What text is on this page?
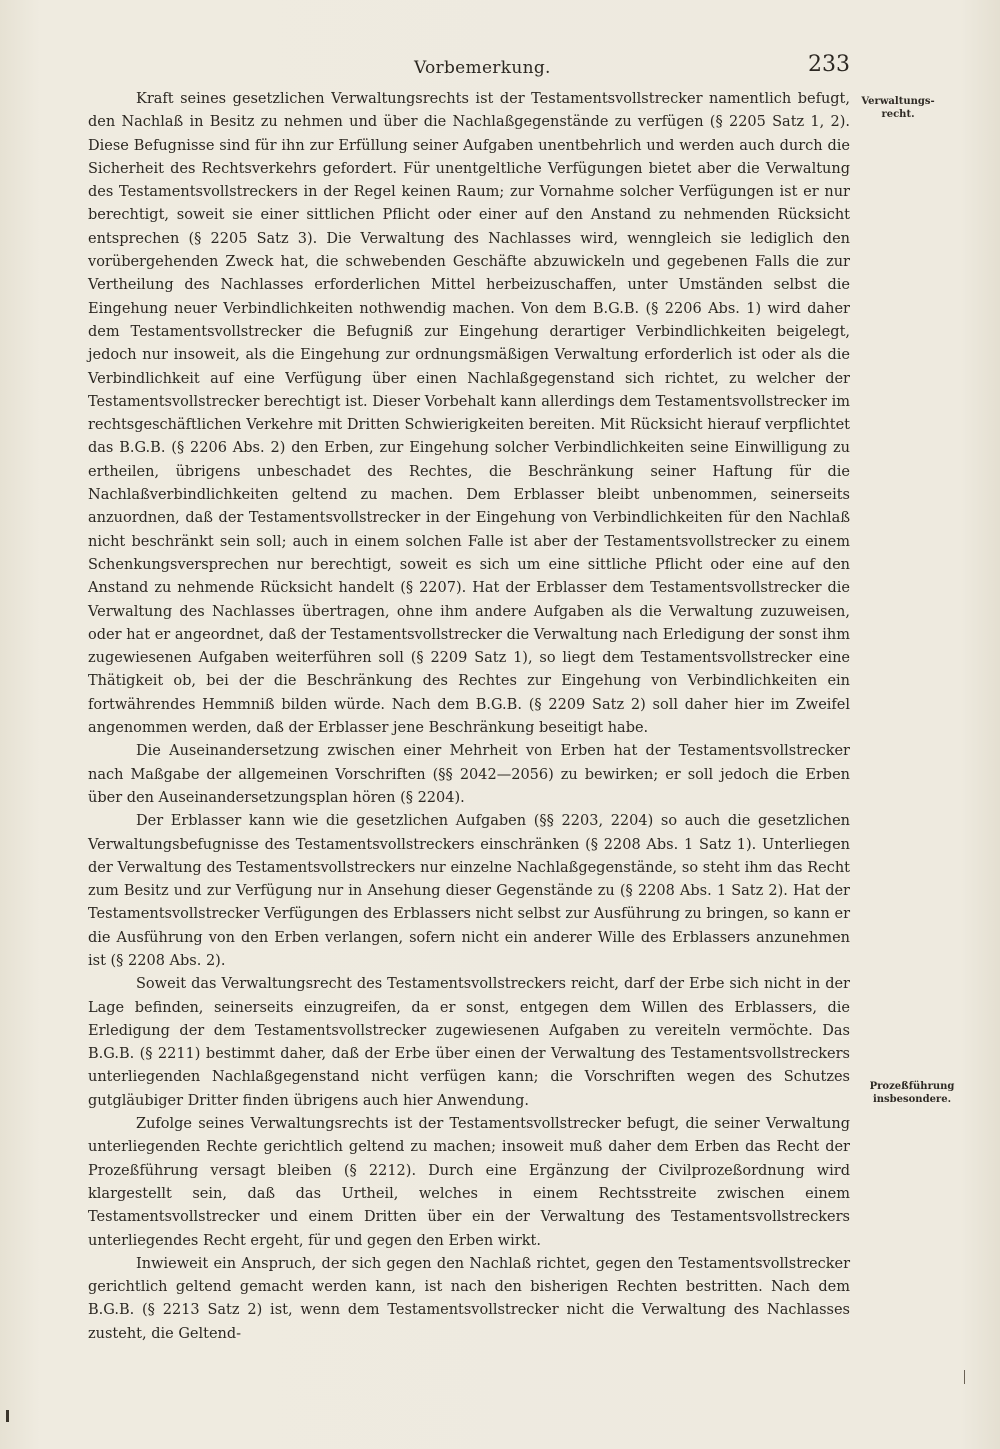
Vorbemerkung.	233
Verwaltungs-recht.
Prozeßführung insbesondere.

Kraft seines gesetzlichen Verwaltungsrechts ist der Testamentsvollstrecker namentlich befugt, den Nachlaß in Besitz zu nehmen und über die Nachlaßgegenstände zu verfügen (§ 2205 Satz 1, 2). Diese Befugnisse sind für ihn zur Erfüllung seiner Aufgaben unentbehrlich und werden auch durch die Sicherheit des Rechtsverkehrs gefordert. Für unentgeltliche Verfügungen bietet aber die Verwaltung des Testamentsvollstreckers in der Regel keinen Raum; zur Vornahme solcher Verfügungen ist er nur berechtigt, soweit sie einer sittlichen Pflicht oder einer auf den Anstand zu nehmenden Rücksicht entsprechen (§ 2205 Satz 3). Die Verwaltung des Nachlasses wird, wenngleich sie lediglich den vorübergehenden Zweck hat, die schwebenden Geschäfte abzuwickeln und gegebenen Falls die zur Vertheilung des Nachlasses erforderlichen Mittel herbeizuschaffen, unter Umständen selbst die Eingehung neuer Verbindlichkeiten nothwendig machen. Von dem B.G.B. (§ 2206 Abs. 1) wird daher dem Testamentsvollstrecker die Befugniß zur Eingehung derartiger Verbindlichkeiten beigelegt, jedoch nur insoweit, als die Eingehung zur ordnungsmäßigen Verwaltung erforderlich ist oder als die Verbindlichkeit auf eine Verfügung über einen Nachlaßgegenstand sich richtet, zu welcher der Testamentsvollstrecker berechtigt ist. Dieser Vorbehalt kann allerdings dem Testamentsvollstrecker im rechtsgeschäftlichen Verkehre mit Dritten Schwierigkeiten bereiten. Mit Rücksicht hierauf verpflichtet das B.G.B. (§ 2206 Abs. 2) den Erben, zur Eingehung solcher Verbindlichkeiten seine Einwilligung zu ertheilen, übrigens unbeschadet des Rechtes, die Beschränkung seiner Haftung für die Nachlaßverbindlichkeiten geltend zu machen. Dem Erblasser bleibt unbenommen, seinerseits anzuordnen, daß der Testamentsvollstrecker in der Eingehung von Verbindlichkeiten für den Nachlaß nicht beschränkt sein soll; auch in einem solchen Falle ist aber der Testamentsvollstrecker zu einem Schenkungsversprechen nur berechtigt, soweit es sich um eine sittliche Pflicht oder eine auf den Anstand zu nehmende Rücksicht handelt (§ 2207). Hat der Erblasser dem Testamentsvollstrecker die Verwaltung des Nachlasses übertragen, ohne ihm andere Aufgaben als die Verwaltung zuzuweisen, oder hat er angeordnet, daß der Testamentsvollstrecker die Verwaltung nach Erledigung der sonst ihm zugewiesenen Aufgaben weiterführen soll (§ 2209 Satz 1), so liegt dem Testamentsvollstrecker eine Thätigkeit ob, bei der die Beschränkung des Rechtes zur Eingehung von Verbindlichkeiten ein fortwährendes Hemmniß bilden würde. Nach dem B.G.B. (§ 2209 Satz 2) soll daher hier im Zweifel angenommen werden, daß der Erblasser jene Beschränkung beseitigt habe.

Die Auseinandersetzung zwischen einer Mehrheit von Erben hat der Testamentsvollstrecker nach Maßgabe der allgemeinen Vorschriften (§§ 2042—2056) zu bewirken; er soll jedoch die Erben über den Auseinandersetzungsplan hören (§ 2204).

Der Erblasser kann wie die gesetzlichen Aufgaben (§§ 2203, 2204) so auch die gesetzlichen Verwaltungsbefugnisse des Testamentsvollstreckers einschränken (§ 2208 Abs. 1 Satz 1). Unterliegen der Verwaltung des Testamentsvollstreckers nur einzelne Nachlaßgegenstände, so steht ihm das Recht zum Besitz und zur Verfügung nur in Ansehung dieser Gegenstände zu (§ 2208 Abs. 1 Satz 2). Hat der Testamentsvollstrecker Verfügungen des Erblassers nicht selbst zur Ausführung zu bringen, so kann er die Ausführung von den Erben verlangen, sofern nicht ein anderer Wille des Erblassers anzunehmen ist (§ 2208 Abs. 2).

Soweit das Verwaltungsrecht des Testamentsvollstreckers reicht, darf der Erbe sich nicht in der Lage befinden, seinerseits einzugreifen, da er sonst, entgegen dem Willen des Erblassers, die Erledigung der dem Testamentsvollstrecker zugewiesenen Aufgaben zu vereiteln vermöchte. Das B.G.B. (§ 2211) bestimmt daher, daß der Erbe über einen der Verwaltung des Testamentsvollstreckers unterliegenden Nachlaßgegenstand nicht verfügen kann; die Vorschriften wegen des Schutzes gutgläubiger Dritter finden übrigens auch hier Anwendung.

Zufolge seines Verwaltungsrechts ist der Testamentsvollstrecker befugt, die seiner Verwaltung unterliegenden Rechte gerichtlich geltend zu machen; insoweit muß daher dem Erben das Recht der Prozeßführung versagt bleiben (§ 2212). Durch eine Ergänzung der Civilprozeßordnung wird klargestellt sein, daß das Urtheil, welches in einem Rechtsstreite zwischen einem Testamentsvollstrecker und einem Dritten über ein der Verwaltung des Testamentsvollstreckers unterliegendes Recht ergeht, für und gegen den Erben wirkt.

Inwieweit ein Anspruch, der sich gegen den Nachlaß richtet, gegen den Testamentsvollstrecker gerichtlich geltend gemacht werden kann, ist nach den bisherigen Rechten bestritten. Nach dem B.G.B. (§ 2213 Satz 2) ist, wenn dem Testamentsvollstrecker nicht die Verwaltung des Nachlasses zusteht, die Geltend-
